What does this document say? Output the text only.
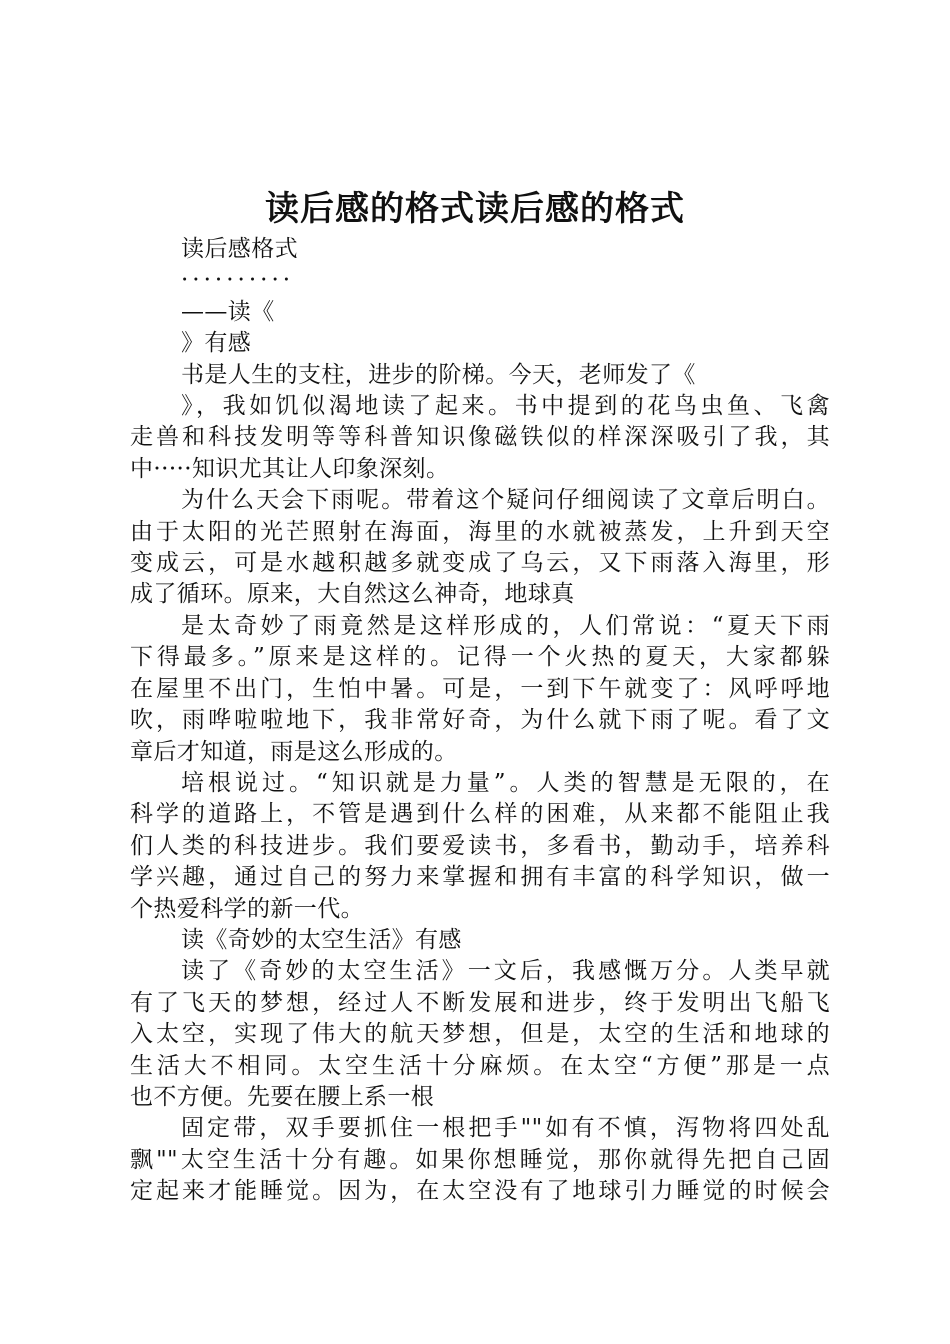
读后感的格式读后感的格式

读后感格式

··········

——读《

》有感

书是人生的支柱，进步的阶梯。今天，老师发了《

》，我如饥似渴地读了起来。书中提到的花鸟虫鱼、飞禽

走兽和科技发明等等科普知识像磁铁似的样深深吸引了我，其

中·····知识尤其让人印象深刻。

为什么天会下雨呢。带着这个疑问仔细阅读了文章后明白。

由于太阳的光芒照射在海面，海里的水就被蒸发，上升到天空

变成云，可是水越积越多就变成了乌云，又下雨落入海里，形

成了循环。原来，大自然这么神奇，地球真

是太奇妙了雨竟然是这样形成的，人们常说：“夏天下雨

下得最多。”原来是这样的。记得一个火热的夏天，大家都躲

在屋里不出门，生怕中暑。可是，一到下午就变了：风呼呼地

吹，雨哗啦啦地下，我非常好奇，为什么就下雨了呢。看了文

章后才知道，雨是这么形成的。

培根说过。“知识就是力量”。人类的智慧是无限的，在

科学的道路上，不管是遇到什么样的困难，从来都不能阻止我

们人类的科技进步。我们要爱读书，多看书，勤动手，培养科

学兴趣，通过自己的努力来掌握和拥有丰富的科学知识，做一

个热爱科学的新一代。

读《奇妙的太空生活》有感

读了《奇妙的太空生活》一文后，我感慨万分。人类早就

有了飞天的梦想，经过人不断发展和进步，终于发明出飞船飞

入太空，实现了伟大的航天梦想，但是，太空的生活和地球的

生活大不相同。太空生活十分麻烦。在太空“方便”那是一点

也不方便。先要在腰上系一根

固定带，双手要抓住一根把手""如有不慎，泻物将四处乱

飘""太空生活十分有趣。如果你想睡觉，那你就得先把自己固

定起来才能睡觉。因为，在太空没有了地球引力睡觉的时候会
